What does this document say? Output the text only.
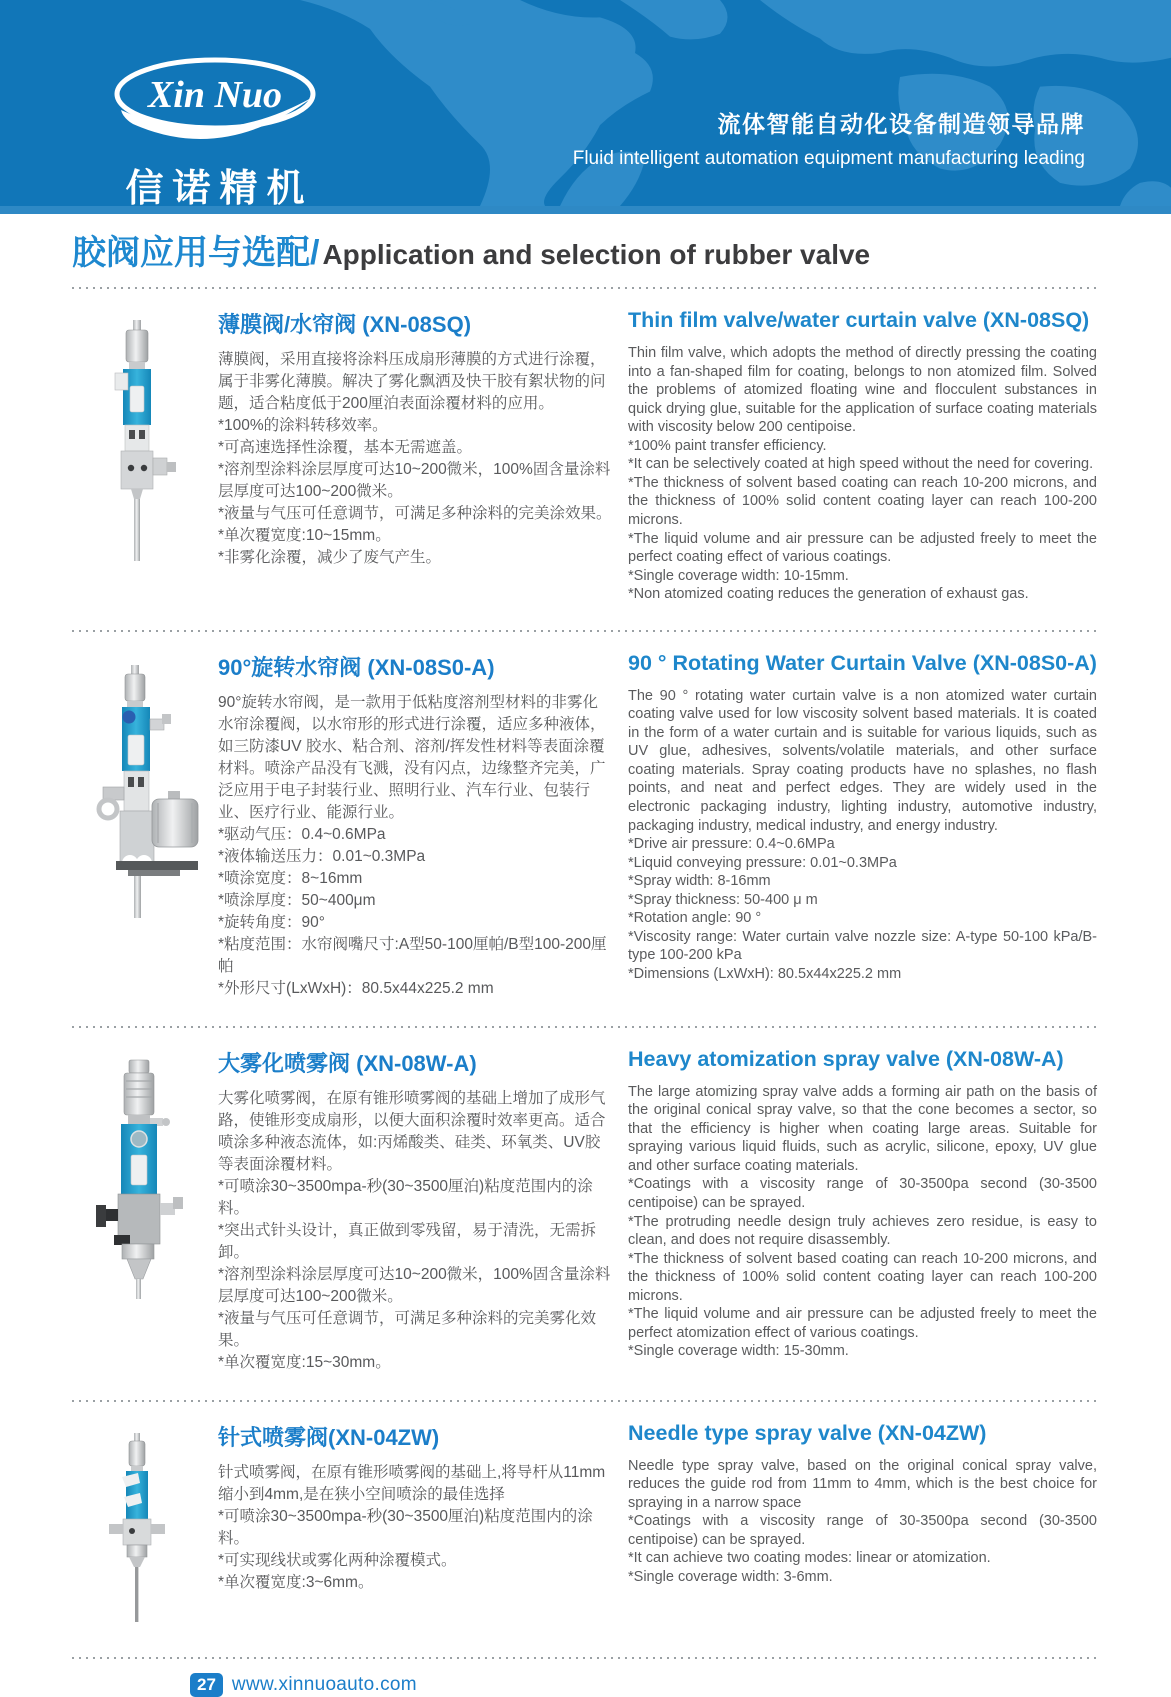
Xin Nuo
信诺精机
流体智能自动化设备制造领导品牌
Fluid intelligent automation equipment manufacturing leading
胶阀应用与选配/ Application and selection of rubber valve
薄膜阀/水帘阀 (XN-08SQ)

薄膜阀，采用直接将涂料压成扇形薄膜的方式进行涂覆，属于非雾化薄膜。解决了雾化飘洒及快干胶有絮状物的问题，适合粘度低于200厘泊表面涂覆材料的应用。

*100%的涂料转移效率。

*可高速选择性涂覆，基本无需遮盖。

*溶剂型涂料涂层厚度可达10~200微米，100%固含量涂料层厚度可达100~200微米。

*液量与气压可任意调节，可满足多种涂料的完美涂效果。

*单次覆宽度:10~15mm。

*非雾化涂覆，减少了废气产生。

Thin film valve/water curtain valve (XN-08SQ)

Thin film valve, which adopts the method of directly pressing the coating into a fan-shaped film for coating, belongs to non atomized film. Solved the problems of atomized floating wine and flocculent substances in quick drying glue, suitable for the application of surface coating materials with viscosity below 200 centipoise.

*100% paint transfer efficiency.

*It can be selectively coated at high speed without the need for covering.

*The thickness of solvent based coating can reach 10-200 microns, and the thickness of 100% solid content coating layer can reach 100-200 microns.

*The liquid volume and air pressure can be adjusted freely to meet the perfect coating effect of various coatings.

*Single coverage width: 10-15mm.

*Non atomized coating reduces the generation of exhaust gas.

90°旋转水帘阀 (XN-08S0-A)

90°旋转水帘阀，是一款用于低粘度溶剂型材料的非雾化水帘涂覆阀，以水帘形的形式进行涂覆，适应多种液体，如三防漆UV 胶水、粘合剂、溶剂/挥发性材料等表面涂覆材料。喷涂产品没有飞溅，没有闪点，边缘整齐完美，广泛应用于电子封装行业、照明行业、汽车行业、包装行业、医疗行业、能源行业。

*驱动气压：0.4~0.6MPa

*液体输送压力：0.01~0.3MPa

*喷涂宽度：8~16mm

*喷涂厚度：50~400μm

*旋转角度：90°

*粘度范围：水帘阀嘴尺寸:A型50-100厘帕/B型100-200厘帕

*外形尺寸(LxWxH)：80.5x44x225.2 mm

90 ° Rotating Water Curtain Valve (XN-08S0-A)

The 90 ° rotating water curtain valve is a non atomized water curtain coating valve used for low viscosity solvent based materials. It is coated in the form of a water curtain and is suitable for various liquids, such as UV glue, adhesives, solvents/volatile materials, and other surface coating materials. Spray coating products have no splashes, no flash points, and neat and perfect edges. They are widely used in the electronic packaging industry, lighting industry, automotive industry, packaging industry, medical industry, and energy industry.

*Drive air pressure: 0.4~0.6MPa

*Liquid conveying pressure: 0.01~0.3MPa

*Spray width: 8-16mm

*Spray thickness: 50-400 μ m

*Rotation angle: 90 °

*Viscosity range: Water curtain valve nozzle size: A-type 50-100 kPa/B-type 100-200 kPa

*Dimensions (LxWxH): 80.5x44x225.2 mm

大雾化喷雾阀 (XN-08W-A)

大雾化喷雾阀，在原有锥形喷雾阀的基础上增加了成形气路，使锥形变成扇形，以便大面积涂覆时效率更高。适合喷涂多种液态流体，如:丙烯酸类、硅类、环氧类、UV胶等表面涂覆材料。

*可喷涂30~3500mpa-秒(30~3500厘泊)粘度范围内的涂料。

*突出式针头设计，真正做到零残留，易于清洗，无需拆卸。

*溶剂型涂料涂层厚度可达10~200微米，100%固含量涂料层厚度可达100~200微米。

*液量与气压可任意调节，可满足多种涂料的完美雾化效果。

*单次覆宽度:15~30mm。

Heavy atomization spray valve (XN-08W-A)

The large atomizing spray valve adds a forming air path on the basis of the original conical spray valve, so that the cone becomes a sector, so that the efficiency is higher when coating large areas. Suitable for spraying various liquid fluids, such as acrylic, silicone, epoxy, UV glue and other surface coating materials.

*Coatings with a viscosity range of 30-3500pa second (30-3500 centipoise) can be sprayed.

*The protruding needle design truly achieves zero residue, is easy to clean, and does not require disassembly.

*The thickness of solvent based coating can reach 10-200 microns, and the thickness of 100% solid content coating layer can reach 100-200 microns.

*The liquid volume and air pressure can be adjusted freely to meet the perfect atomization effect of various coatings.

*Single coverage width: 15-30mm.

针式喷雾阀(XN-04ZW)

针式喷雾阀，在原有锥形喷雾阀的基础上,将导杆从11mm缩小到4mm,是在狭小空间喷涂的最佳选择

*可喷涂30~3500mpa-秒(30~3500厘泊)粘度范围内的涂料。

*可实现线状或雾化两种涂覆模式。

*单次覆宽度:3~6mm。

Needle type spray valve (XN-04ZW)

Needle type spray valve, based on the original conical spray valve, reduces the guide rod from 11mm to 4mm, which is the best choice for spraying in a narrow space

*Coatings with a viscosity range of 30-3500pa second (30-3500 centipoise) can be sprayed.

*It can achieve two coating modes: linear or atomization.

*Single coverage width: 3-6mm.

27 www.xinnuoauto.com
